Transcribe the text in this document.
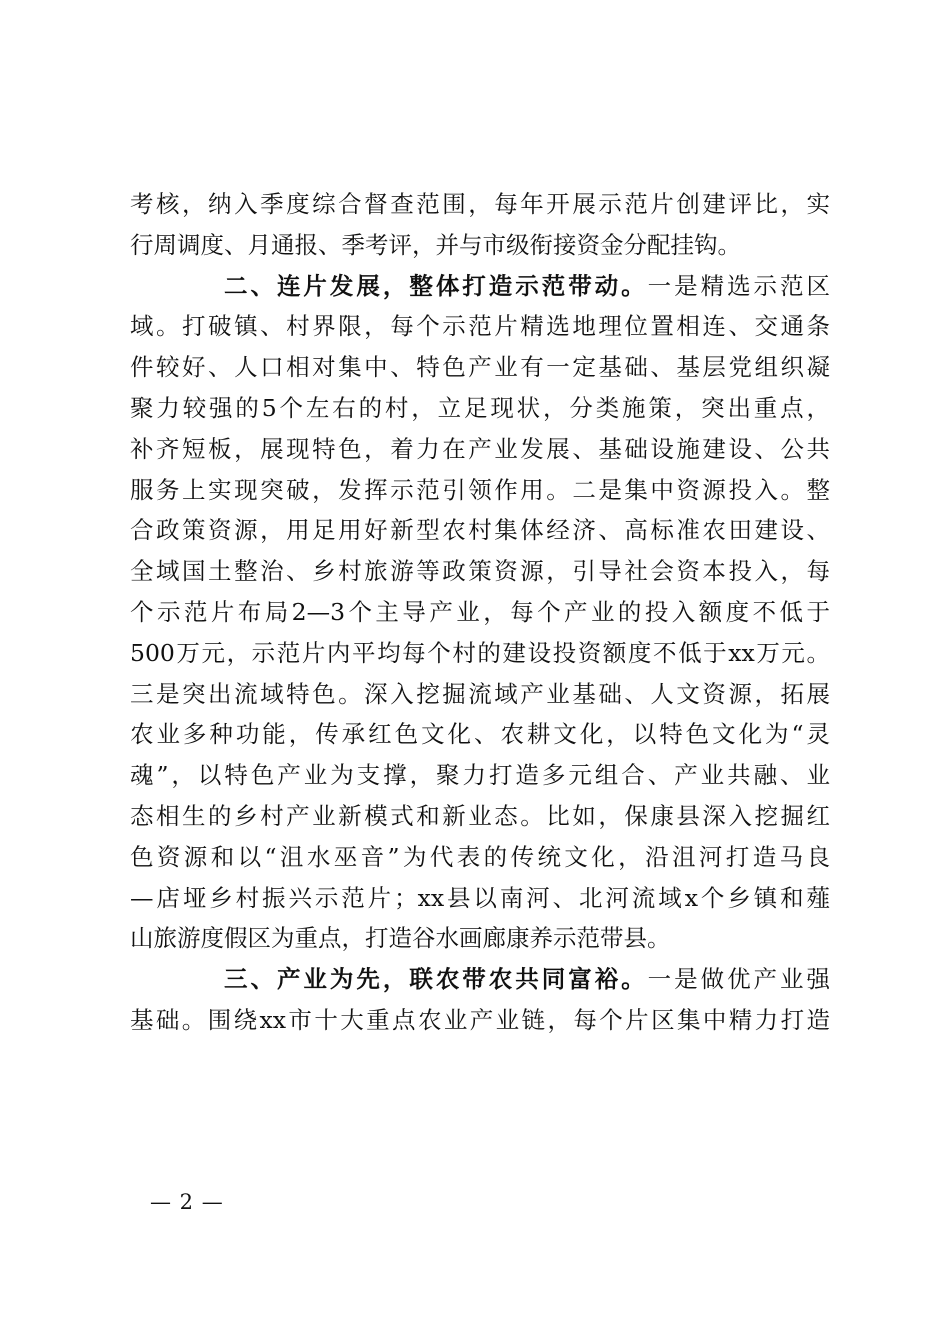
考核，纳入季度综合督查范围，每年开展示范片创建评比，实
行周调度、月通报、季考评，并与市级衔接资金分配挂钩。
二、连片发展，整体打造示范带动。一是精选示范区
域。打破镇、村界限，每个示范片精选地理位置相连、交通条
件较好、人口相对集中、特色产业有一定基础、基层党组织凝
聚力较强的5个左右的村，立足现状，分类施策，突出重点，
补齐短板，展现特色，着力在产业发展、基础设施建设、公共
服务上实现突破，发挥示范引领作用。二是集中资源投入。整
合政策资源，用足用好新型农村集体经济、高标准农田建设、
全域国土整治、乡村旅游等政策资源，引导社会资本投入，每
个示范片布局2—3个主导产业，每个产业的投入额度不低于
500万元，示范片内平均每个村的建设投资额度不低于xx万元。
三是突出流域特色。深入挖掘流域产业基础、人文资源，拓展
农业多种功能，传承红色文化、农耕文化，以特色文化为“灵
魂”，以特色产业为支撑，聚力打造多元组合、产业共融、业
态相生的乡村产业新模式和新业态。比如，保康县深入挖掘红
色资源和以“沮水巫音”为代表的传统文化，沿沮河打造马良
—店垭乡村振兴示范片；xx县以南河、北河流域x个乡镇和薤
山旅游度假区为重点，打造谷水画廊康养示范带县。
三、产业为先，联农带农共同富裕。一是做优产业强
基础。围绕xx市十大重点农业产业链，每个片区集中精力打造
— 2 —
